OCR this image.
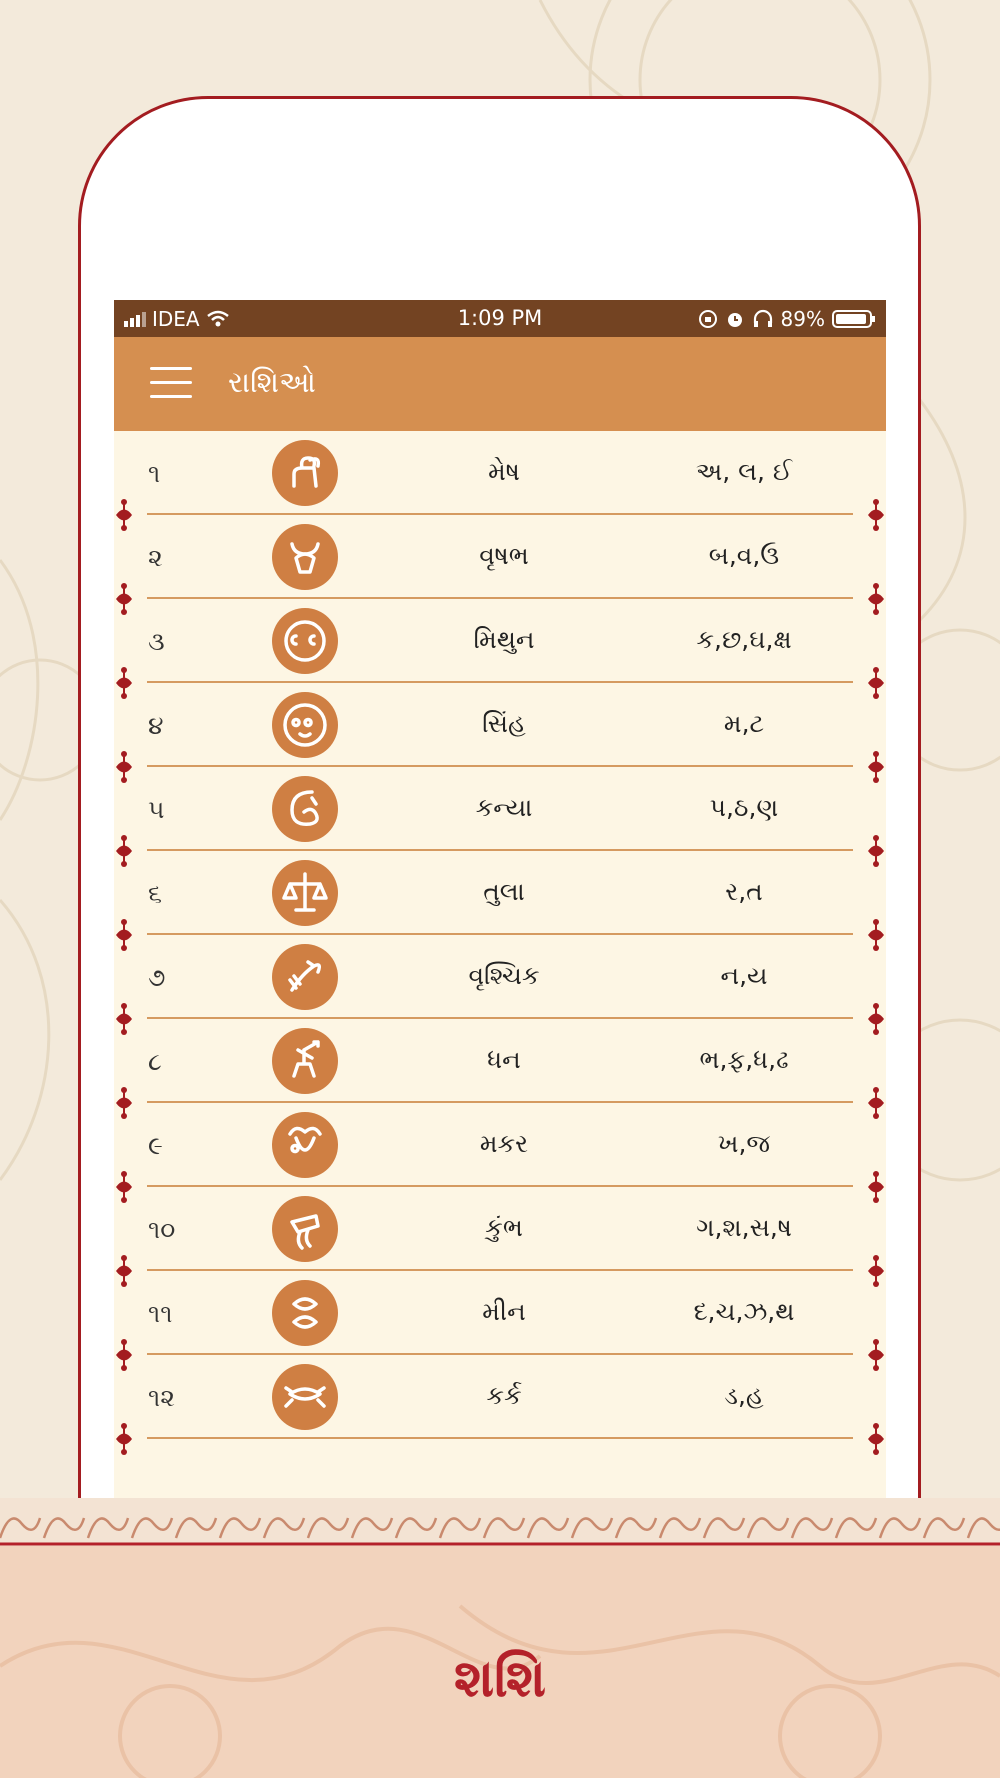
IDEA	1:09 PM	89%
રાશિઓ
૧	મેષ	અ, લ, ઈ
૨	વૃષભ	બ,વ,ઉ
૩	મિથુન	ક,છ,ઘ,ક્ષ
૪	સિંહ	મ,ટ
૫	કન્યા	પ,ઠ,ણ
૬	તુલા	ર,ત
૭	વૃશ્ચિક	ન,ય
૮	ધન	ભ,ફ,ધ,ઢ
૯	મકર	ખ,જ
૧૦	કુંભ	ગ,શ,સ,ષ
૧૧	મીન	દ,ચ,ઝ,થ
૧૨	કર્ક	ડ,હ
શશિ
